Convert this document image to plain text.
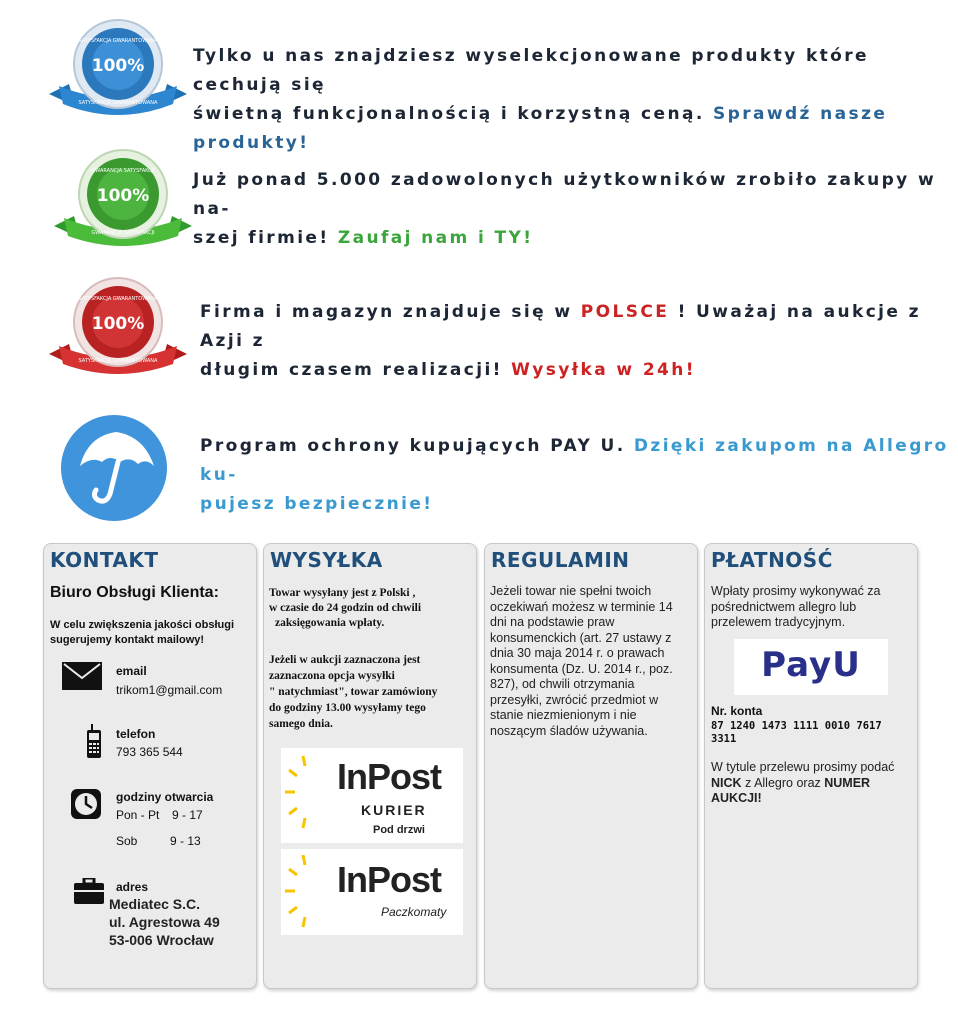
100%
SATYSFAKCJA GWARANTOWANA
SATYSFAKCJA GWARANTOWANA
Tylko u nas znajdziesz wyselekcjonowane produkty które cechują się
świetną funkcjonalnością i korzystną ceną. Sprawdź nasze produkty!
100%
GWARANCJA SATYSFAKCJI
GWARANCJA SATYSFAKCJI
Już ponad 5.000 zadowolonych użytkowników zrobiło zakupy w na-
szej firmie! Zaufaj nam i TY!
100%
SATYSFAKCJA GWARANTOWANA
SATYSFAKCJA GWARANTOWANA
Firma i magazyn znajduje się w POLSCE ! Uważaj na aukcje z Azji z
długim czasem realizacji! Wysyłka w 24h!
Program ochrony kupujących PAY U. Dzięki zakupom na Allegro ku-
pujesz bezpiecznie!
KONTAKT
Biuro Obsługi Klienta:
W celu zwiększenia jakości obsługi
sugerujemy kontakt mailowy!
email
trikom1@gmail.com
telefon
793 365 544
godziny otwarcia
Pon - Pt 9 - 17
Sob	9 - 13
adres
Mediatec S.C.
ul. Agrestowa 49
53-006 Wrocław
WYSYŁKA
Towar wysyłany jest z Polski ,
w czasie do 24 godzin od chwili
zaksięgowania wpłaty.
Jeżeli w aukcji zaznaczona jest
zaznaczona opcja wysyłki
" natychmiast", towar zamówiony
do godziny 13.00 wysyłamy tego
samego dnia.
InPost
KURIER
Pod drzwi
InPost
Paczkomaty
REGULAMIN
Jeżeli towar nie spełni twoich
oczekiwań możesz w terminie 14
dni na podstawie praw
konsumenckich (art. 27 ustawy z
dnia 30 maja 2014 r. o prawach
konsumenta (Dz. U. 2014 r., poz.
827), od chwili otrzymania
przesyłki, zwrócić przedmiot w
stanie niezmienionym i nie
noszącym śladów używania.
PŁATNOŚĆ
Wpłaty prosimy wykonywać za
pośrednictwem allegro lub
przelewem tradycyjnym.
PayU
Nr. konta
87 1240 1473 1111 0010 7617
3311
W tytule przelewu prosimy podać
NICK z Allegro oraz NUMER
AUKCJI!
